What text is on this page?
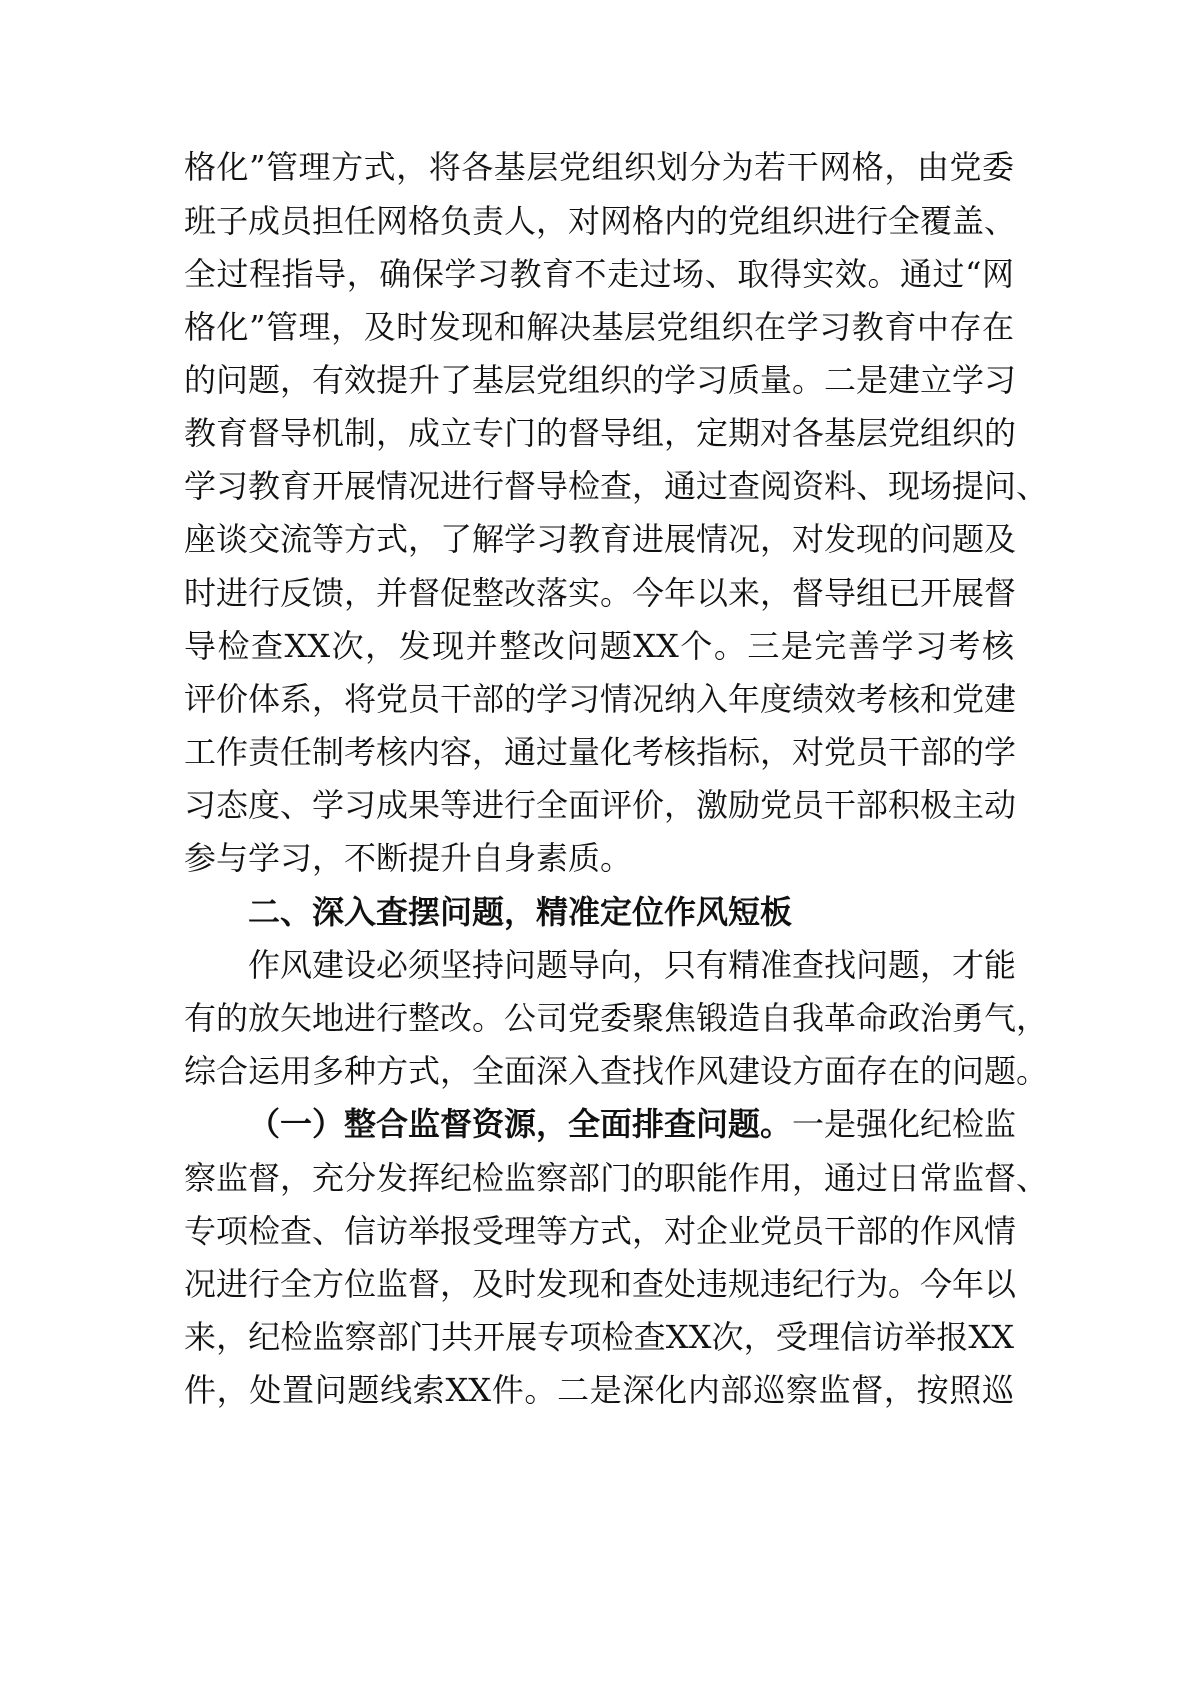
格化”管理方式，将各基层党组织划分为若干网格，由党委
班子成员担任网格负责人，对网格内的党组织进行全覆盖、
全过程指导，确保学习教育不走过场、取得实效。通过“网
格化”管理，及时发现和解决基层党组织在学习教育中存在
的问题，有效提升了基层党组织的学习质量。二是建立学习
教育督导机制，成立专门的督导组，定期对各基层党组织的
学习教育开展情况进行督导检查，通过查阅资料、现场提问、
座谈交流等方式，了解学习教育进展情况，对发现的问题及
时进行反馈，并督促整改落实。今年以来，督导组已开展督
导检查XX次，发现并整改问题XX个。三是完善学习考核
评价体系，将党员干部的学习情况纳入年度绩效考核和党建
工作责任制考核内容，通过量化考核指标，对党员干部的学
习态度、学习成果等进行全面评价，激励党员干部积极主动
参与学习，不断提升自身素质。
二、深入查摆问题，精准定位作风短板
作风建设必须坚持问题导向，只有精准查找问题，才能
有的放矢地进行整改。公司党委聚焦锻造自我革命政治勇气，
综合运用多种方式，全面深入查找作风建设方面存在的问题。
（一）整合监督资源，全面排查问题。一是强化纪检监
察监督，充分发挥纪检监察部门的职能作用，通过日常监督、
专项检查、信访举报受理等方式，对企业党员干部的作风情
况进行全方位监督，及时发现和查处违规违纪行为。今年以
来，纪检监察部门共开展专项检查XX次，受理信访举报XX
件，处置问题线索XX件。二是深化内部巡察监督，按照巡
